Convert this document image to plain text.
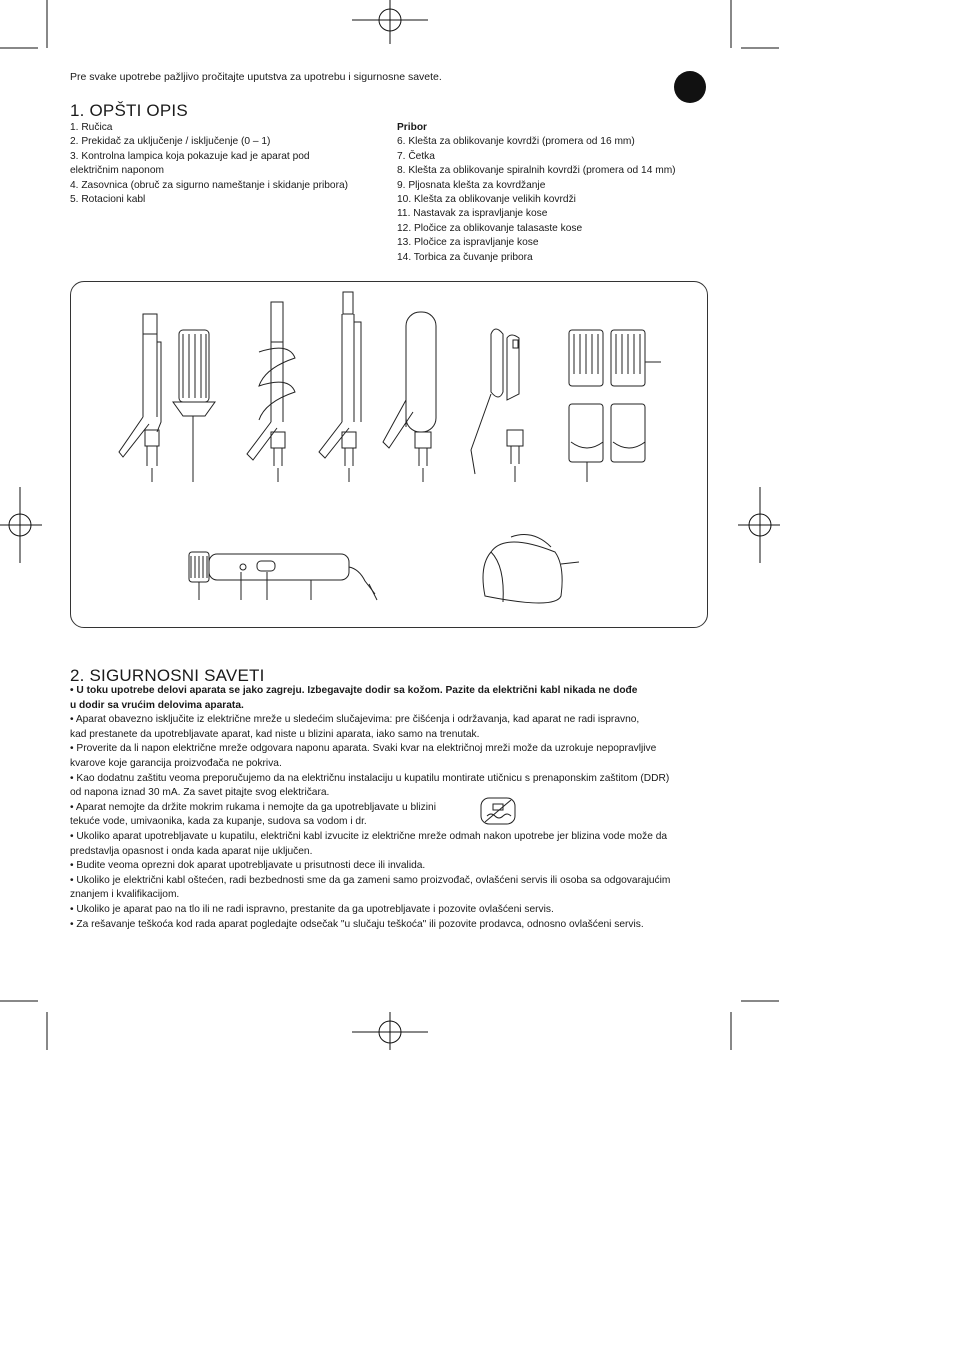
Pre svake upotrebe pažljivo pročitajte uputstva za upotrebu i sigurnosne savete.
1. OPŠTI OPIS
1. Ručica
2. Prekidač za uključenje / isključenje (0 – 1)
3. Kontrolna lampica koja pokazuje kad je aparat pod
električnim naponom
4. Zasovnica (obruč za sigurno nameštanje i skidanje pribora)
5. Rotacioni kabl
Pribor
6. Klešta za oblikovanje kovrdži (promera od 16 mm)
7. Četka
8. Klešta za oblikovanje spiralnih kovrdži (promera od 14 mm)
9. Pljosnata klešta za kovrdžanje
10. Klešta za oblikovanje velikih kovrdži
11. Nastavak za ispravljanje kose
12. Pločice za oblikovanje talasaste kose
13. Pločice za ispravljanje kose
14. Torbica za čuvanje pribora
2. SIGURNOSNI SAVETI

• U toku upotrebe delovi aparata se jako zagreju. Izbegavajte dodir sa kožom. Pazite da električni kabl nikada ne dođe

u dodir sa vrućim delovima aparata.

• Aparat obavezno isključite iz električne mreže u sledećim slučajevima: pre čišćenja i održavanja, kad aparat ne radi ispravno,

kad prestanete da upotrebljavate aparat, kad niste u blizini aparata, iako samo na trenutak.

• Proverite da li napon električne mreže odgovara naponu aparata. Svaki kvar na električnoj mreži može da uzrokuje nepopravljive

kvarove koje garancija proizvođača ne pokriva.

• Kao dodatnu zaštitu veoma preporučujemo da na električnu instalaciju u kupatilu montirate utičnicu s prenaponskim zaštitom (DDR)

od napona iznad 30 mA. Za savet pitajte svog električara.

• Aparat nemojte da držite mokrim rukama i nemojte da ga upotrebljavate u blizini

tekuće vode, umivaonika, kada za kupanje, sudova sa vodom i dr.

• Ukoliko aparat upotrebljavate u kupatilu, električni kabl izvucite iz električne mreže odmah nakon upotrebe jer blizina vode može da

predstavlja opasnost i onda kada aparat nije uključen.

• Budite veoma oprezni dok aparat upotrebljavate u prisutnosti dece ili invalida.

• Ukoliko je električni kabl oštećen, radi bezbednosti sme da ga zameni samo proizvođač, ovlašćeni servis ili osoba sa odgovarajućim

znanjem i kvalifikacijom.

• Ukoliko je aparat pao na tlo ili ne radi ispravno, prestanite da ga upotrebljavate i pozovite ovlašćeni servis.

• Za rešavanje teškoća kod rada aparat pogledajte odsečak "u slučaju teškoća" ili pozovite prodavca, odnosno ovlašćeni servis.
